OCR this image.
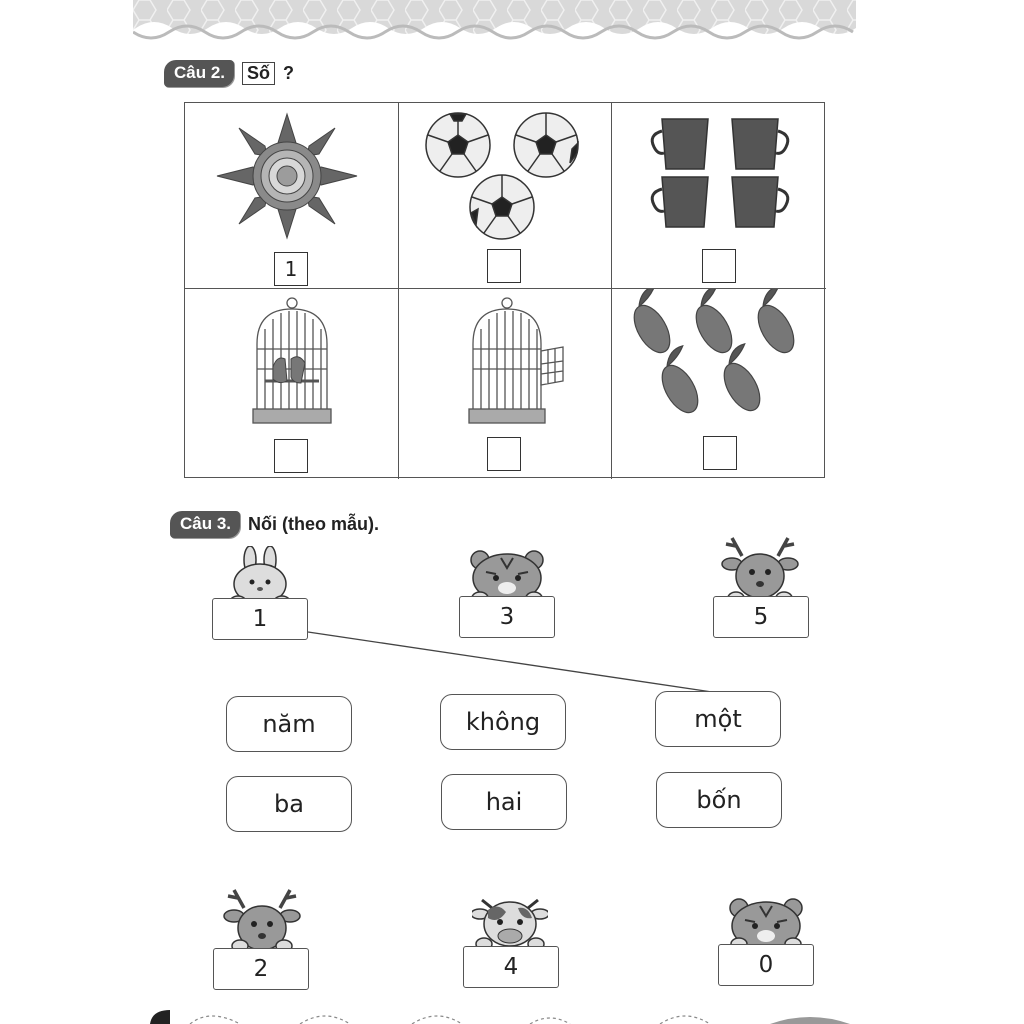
Câu 2.	Số ?
1
Câu 3. Nối (theo mẫu).
1	3	5
năm	không	một
ba	hai	bốn
2	4	0
